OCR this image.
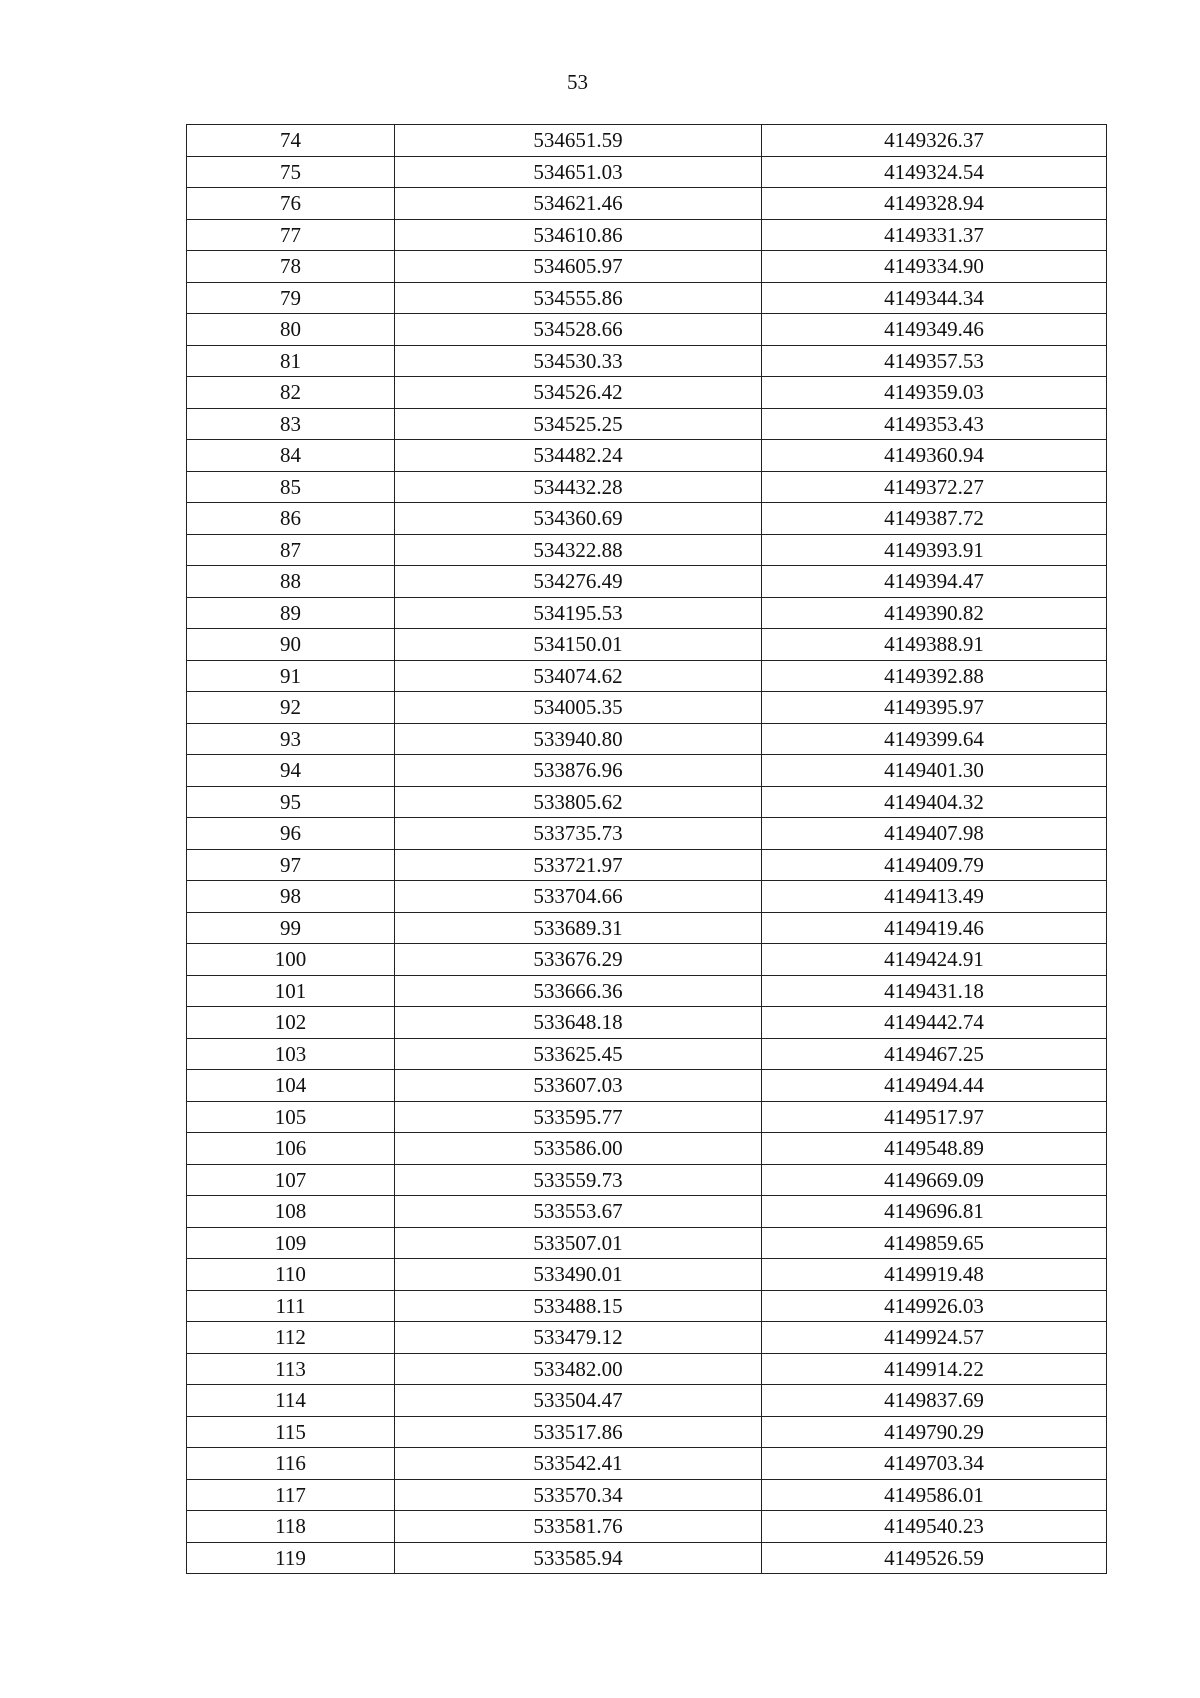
53
74	534651.59	4149326.37
75	534651.03	4149324.54
76	534621.46	4149328.94
77	534610.86	4149331.37
78	534605.97	4149334.90
79	534555.86	4149344.34
80	534528.66	4149349.46
81	534530.33	4149357.53
82	534526.42	4149359.03
83	534525.25	4149353.43
84	534482.24	4149360.94
85	534432.28	4149372.27
86	534360.69	4149387.72
87	534322.88	4149393.91
88	534276.49	4149394.47
89	534195.53	4149390.82
90	534150.01	4149388.91
91	534074.62	4149392.88
92	534005.35	4149395.97
93	533940.80	4149399.64
94	533876.96	4149401.30
95	533805.62	4149404.32
96	533735.73	4149407.98
97	533721.97	4149409.79
98	533704.66	4149413.49
99	533689.31	4149419.46
100	533676.29	4149424.91
101	533666.36	4149431.18
102	533648.18	4149442.74
103	533625.45	4149467.25
104	533607.03	4149494.44
105	533595.77	4149517.97
106	533586.00	4149548.89
107	533559.73	4149669.09
108	533553.67	4149696.81
109	533507.01	4149859.65
110	533490.01	4149919.48
111	533488.15	4149926.03
112	533479.12	4149924.57
113	533482.00	4149914.22
114	533504.47	4149837.69
115	533517.86	4149790.29
116	533542.41	4149703.34
117	533570.34	4149586.01
118	533581.76	4149540.23
119	533585.94	4149526.59
